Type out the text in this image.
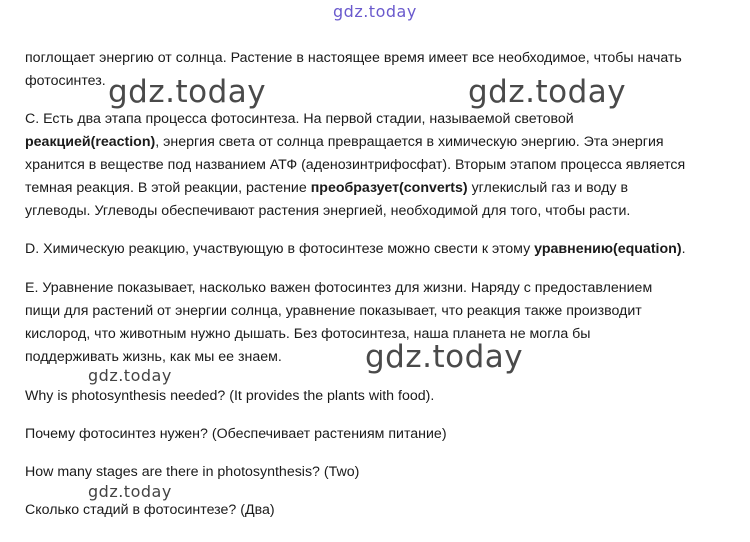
gdz.today
поглощает энергию от солнца. Растение в настоящее время имеет все необходимое, чтобы начать
фотосинтез. gdz.today	gdz.today
C. Есть два этапа процесса фотосинтеза. На первой стадии, называемой световой
реакцией(reaction), энергия света от солнца превращается в химическую энергию. Эта энергия
хранится в веществе под названием АТФ (аденозинтрифосфат). Вторым этапом процесса является
темная реакция. В этой реакции, растение преобразует(converts) углекислый газ и воду в
углеводы. Углеводы обеспечивают растения энергией, необходимой для того, чтобы расти.
D. Химическую реакцию, участвующую в фотосинтезе можно свести к этому уравнению(equation).
E. Уравнение показывает, насколько важен фотосинтез для жизни. Наряду с предоставлением
пищи для растений от энергии солнца, уравнение показывает, что реакция также производит
кислород, что животным нужно дышать. Без фотосинтеза, наша планета не могла бы
поддерживать жизнь, как мы ее знаем.	gdz.today
gdz.today
Why is photosynthesis needed? (It provides the plants with food).
Почему фотосинтез нужен? (Обеспечивает растениям питание)
How many stages are there in photosynthesis? (Two)
gdz.today
Сколько стадий в фотосинтезе? (Два)
